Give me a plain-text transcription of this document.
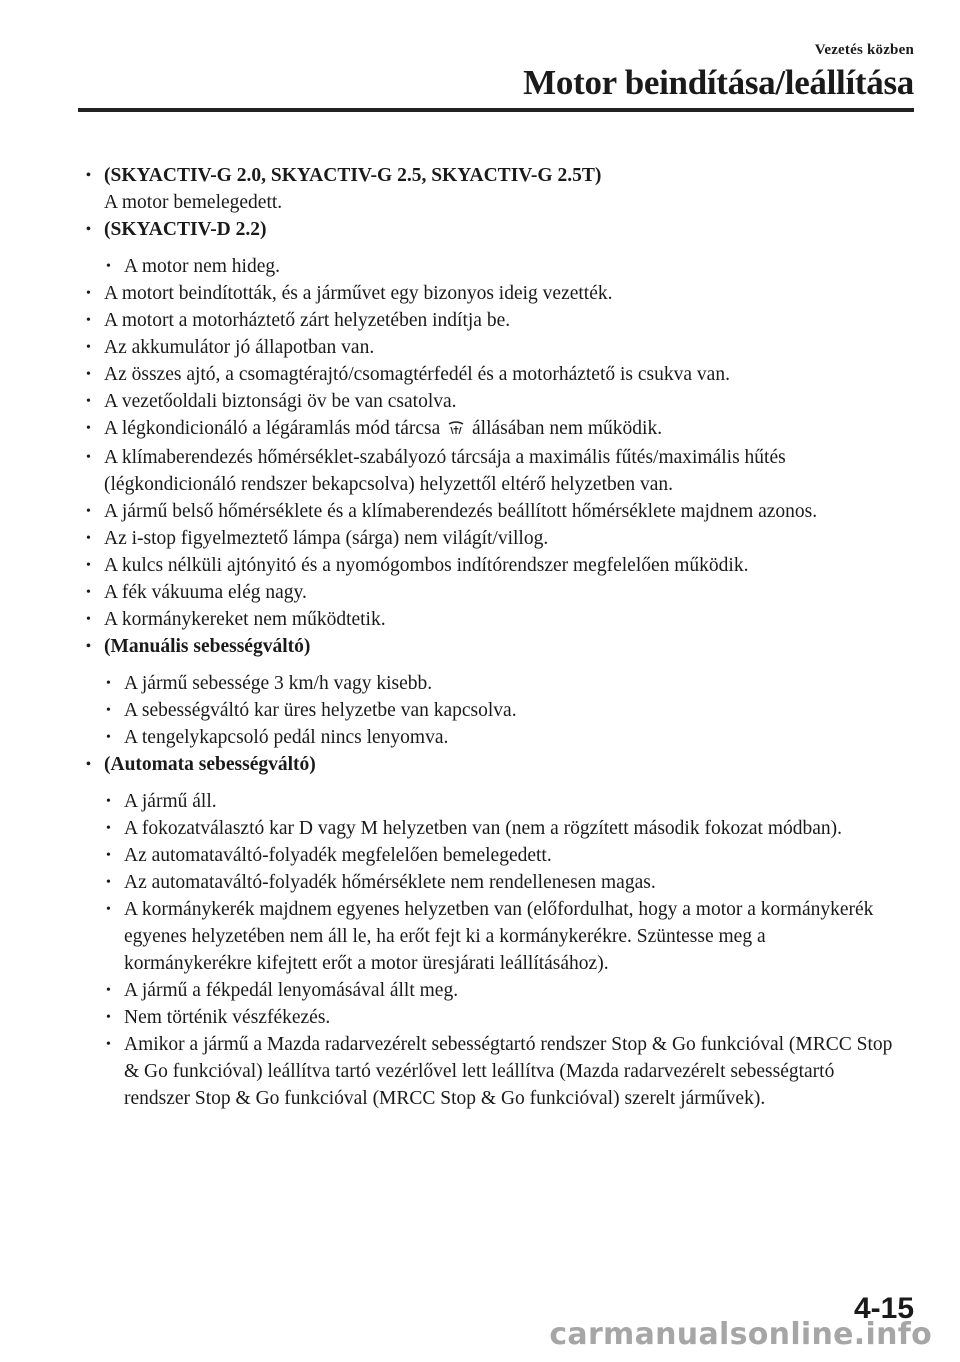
Vezetés közben
Motor beindítása/leállítása
• (SKYACTIV-G 2.0, SKYACTIV-G 2.5, SKYACTIV-G 2.5T)
A motor bemelegedett.
• (SKYACTIV-D 2.2)
• A motor nem hideg.
• A motort beindították, és a járművet egy bizonyos ideig vezették.
• A motort a motorháztető zárt helyzetében indítja be.
• Az akkumulátor jó állapotban van.
• Az összes ajtó, a csomagtérajtó/csomagtérfedél és a motorháztető is csukva van.
• A vezetőoldali biztonsági öv be van csatolva.
• A légkondicionáló a légáramlás mód tárcsa  állásában nem működik.
• A klímaberendezés hőmérséklet-szabályozó tárcsája a maximális fűtés/maximális hűtés (légkondicionáló rendszer bekapcsolva) helyzettől eltérő helyzetben van.
• A jármű belső hőmérséklete és a klímaberendezés beállított hőmérséklete majdnem azonos.
• Az i-stop figyelmeztető lámpa (sárga) nem világít/villog.
• A kulcs nélküli ajtónyitó és a nyomógombos indítórendszer megfelelően működik.
• A fék vákuuma elég nagy.
• A kormánykereket nem működtetik.
• (Manuális sebességváltó)
• A jármű sebessége 3 km/h vagy kisebb.
• A sebességváltó kar üres helyzetbe van kapcsolva.
• A tengelykapcsoló pedál nincs lenyomva.
• (Automata sebességváltó)
• A jármű áll.
• A fokozatválasztó kar D vagy M helyzetben van (nem a rögzített második fokozat módban).
• Az automataváltó-folyadék megfelelően bemelegedett.
• Az automataváltó-folyadék hőmérséklete nem rendellenesen magas.
• A kormánykerék majdnem egyenes helyzetben van (előfordulhat, hogy a motor a kormánykerék egyenes helyzetében nem áll le, ha erőt fejt ki a kormánykerékre. Szüntesse meg a kormánykerékre kifejtett erőt a motor üresjárati leállításához).
• A jármű a fékpedál lenyomásával állt meg.
• Nem történik vészfékezés.
• Amikor a jármű a Mazda radarvezérelt sebességtartó rendszer Stop & Go funkcióval (MRCC Stop & Go funkcióval) leállítva tartó vezérlővel lett leállítva (Mazda radarvezérelt sebességtartó rendszer Stop & Go funkcióval (MRCC Stop & Go funkcióval) szerelt járművek).
4-15
carmanualsonline.info
